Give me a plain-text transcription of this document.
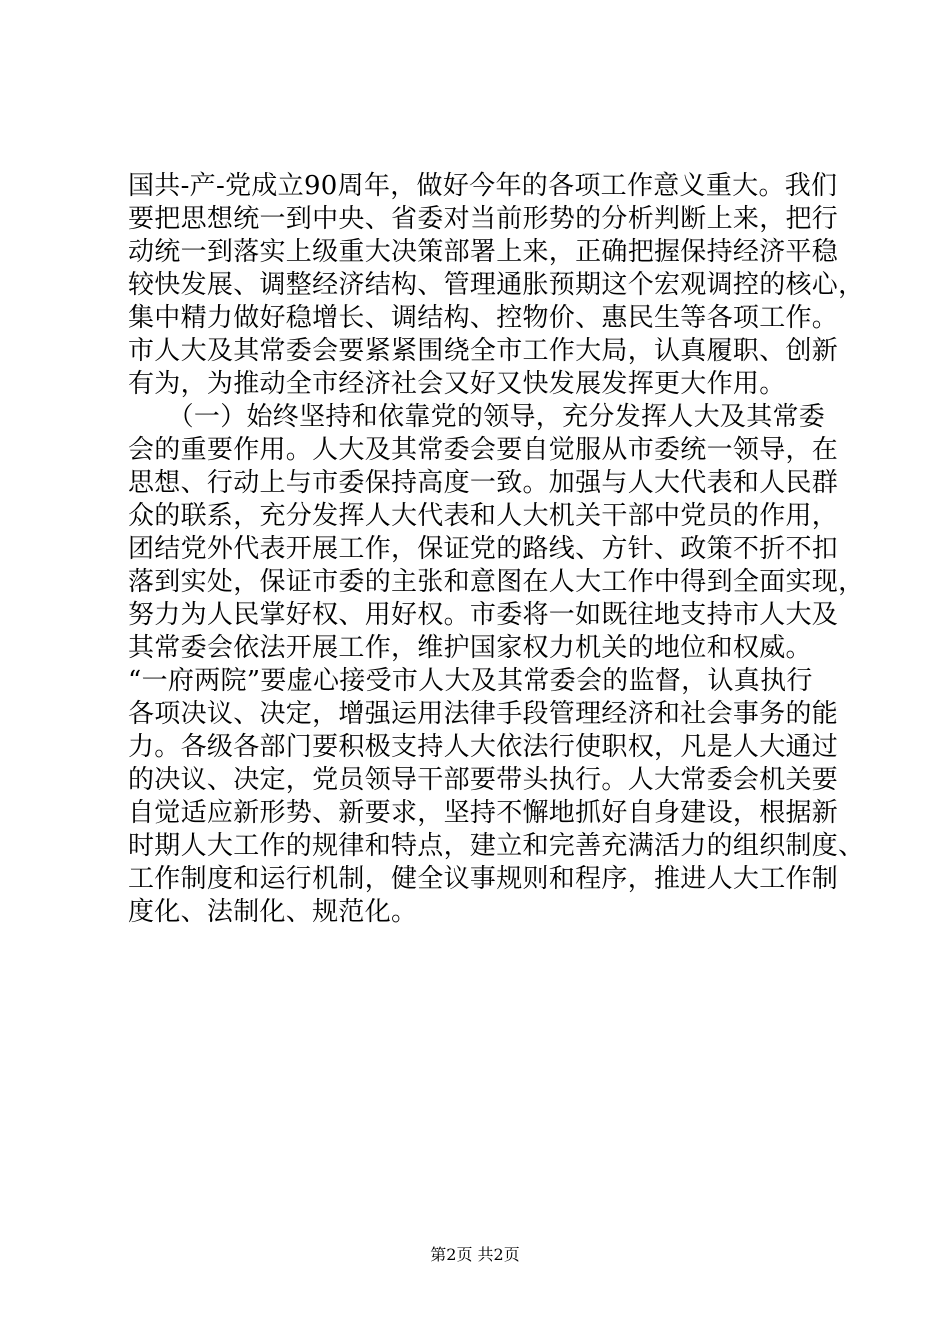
国共-产-党成立90周年，做好今年的各项工作意义重大。我们
要把思想统一到中央、省委对当前形势的分析判断上来，把行
动统一到落实上级重大决策部署上来，正确把握保持经济平稳
较快发展、调整经济结构、管理通胀预期这个宏观调控的核心，
集中精力做好稳增长、调结构、控物价、惠民生等各项工作。
市人大及其常委会要紧紧围绕全市工作大局，认真履职、创新
有为，为推动全市经济社会又好又快发展发挥更大作用。
　　（一）始终坚持和依靠党的领导，充分发挥人大及其常委
会的重要作用。人大及其常委会要自觉服从市委统一领导，在
思想、行动上与市委保持高度一致。加强与人大代表和人民群
众的联系，充分发挥人大代表和人大机关干部中党员的作用，
团结党外代表开展工作，保证党的路线、方针、政策不折不扣
落到实处，保证市委的主张和意图在人大工作中得到全面实现，
努力为人民掌好权、用好权。市委将一如既往地支持市人大及
其常委会依法开展工作，维护国家权力机关的地位和权威。
“一府两院”要虚心接受市人大及其常委会的监督，认真执行
各项决议、决定，增强运用法律手段管理经济和社会事务的能
力。各级各部门要积极支持人大依法行使职权，凡是人大通过
的决议、决定，党员领导干部要带头执行。人大常委会机关要
自觉适应新形势、新要求，坚持不懈地抓好自身建设，根据新
时期人大工作的规律和特点，建立和完善充满活力的组织制度、
工作制度和运行机制，健全议事规则和程序，推进人大工作制
度化、法制化、规范化。
第2页 共2页
